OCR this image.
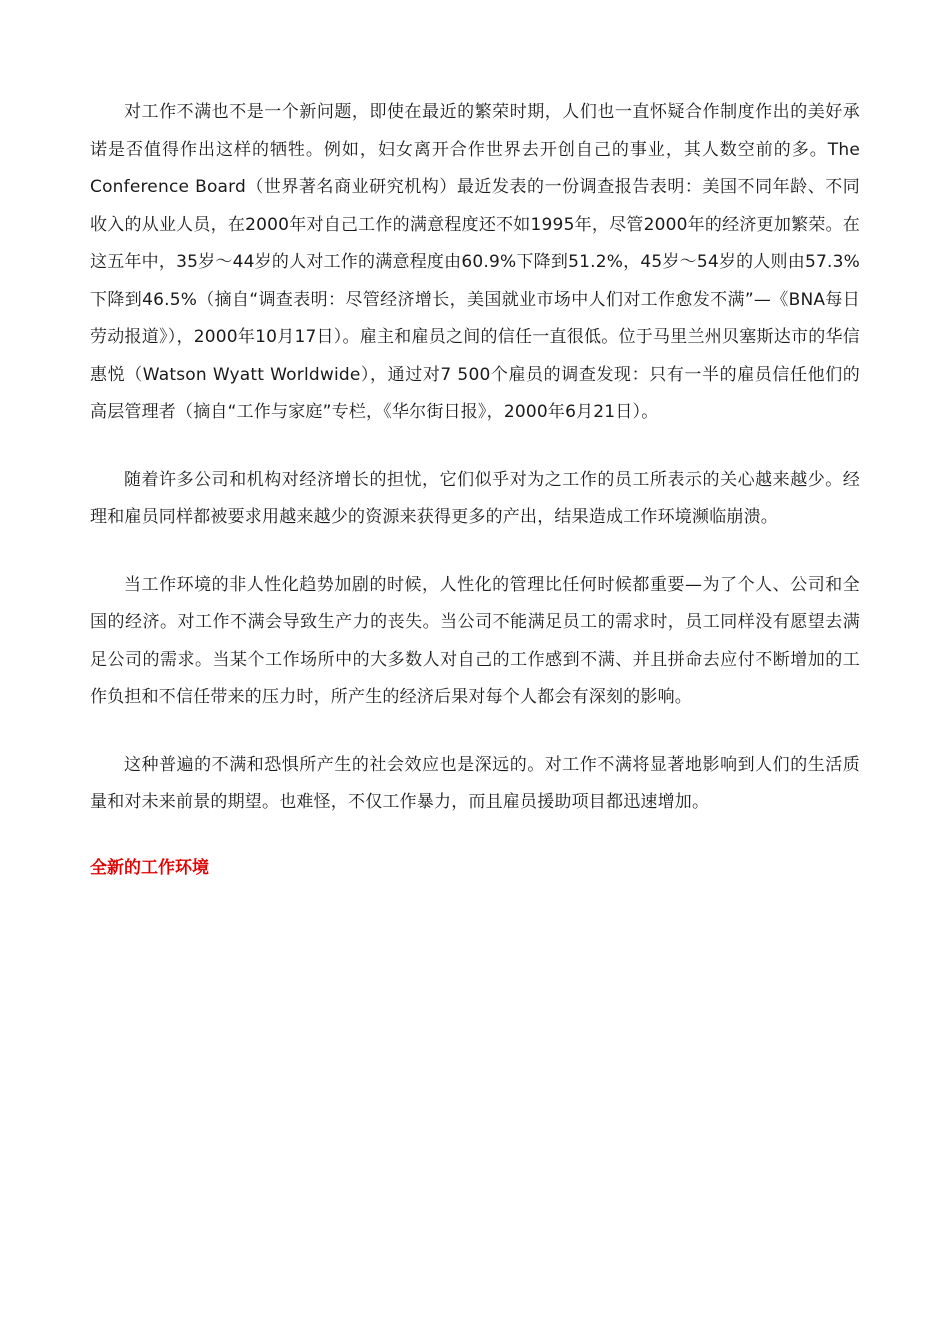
对工作不满也不是一个新问题，即使在最近的繁荣时期，人们也一直怀疑合作制度作出的美好承诺是否值得作出这样的牺牲。例如，妇女离开合作世界去开创自己的事业，其人数空前的多。The Conference Board（世界著名商业研究机构）最近发表的一份调查报告表明：美国不同年龄、不同收入的从业人员，在2000年对自己工作的满意程度还不如1995年，尽管2000年的经济更加繁荣。在这五年中，35岁～44岁的人对工作的满意程度由60.9%下降到51.2%，45岁～54岁的人则由57.3%下降到46.5%（摘自“调查表明：尽管经济增长，美国就业市场中人们对工作愈发不满”—《BNA每日劳动报道》），2000年10月17日）。雇主和雇员之间的信任一直很低。位于马里兰州贝塞斯达市的华信惠悦（Watson Wyatt Worldwide），通过对7 500个雇员的调查发现：只有一半的雇员信任他们的高层管理者（摘自“工作与家庭”专栏，《华尔街日报》，2000年6月21日）。

随着许多公司和机构对经济增长的担忧，它们似乎对为之工作的员工所表示的关心越来越少。经理和雇员同样都被要求用越来越少的资源来获得更多的产出，结果造成工作环境濒临崩溃。

当工作环境的非人性化趋势加剧的时候，人性化的管理比任何时候都重要—为了个人、公司和全国的经济。对工作不满会导致生产力的丧失。当公司不能满足员工的需求时，员工同样没有愿望去满足公司的需求。当某个工作场所中的大多数人对自己的工作感到不满、并且拼命去应付不断增加的工作负担和不信任带来的压力时，所产生的经济后果对每个人都会有深刻的影响。

这种普遍的不满和恐惧所产生的社会效应也是深远的。对工作不满将显著地影响到人们的生活质量和对未来前景的期望。也难怪，不仅工作暴力，而且雇员援助项目都迅速增加。

全新的工作环境
